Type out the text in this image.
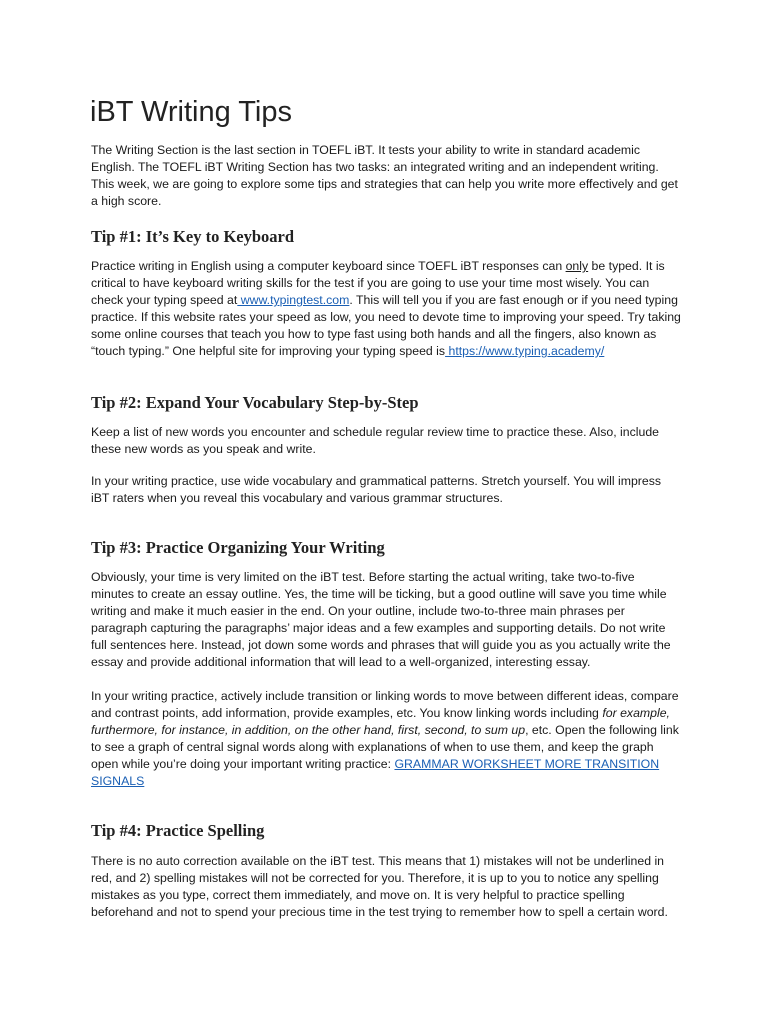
iBT Writing Tips

The Writing Section is the last section in TOEFL iBT. It tests your ability to write in standard academic English. The TOEFL iBT Writing Section has two tasks: an integrated writing and an independent writing. This week, we are going to explore some tips and strategies that can help you write more effectively and get a high score.

Tip #1: It’s Key to Keyboard

Practice writing in English using a computer keyboard since TOEFL iBT responses can only be typed. It is critical to have keyboard writing skills for the test if you are going to use your time most wisely. You can check your typing speed at www.typingtest.com. This will tell you if you are fast enough or if you need typing practice. If this website rates your speed as low, you need to devote time to improving your speed. Try taking some online courses that teach you how to type fast using both hands and all the fingers, also known as “touch typing.” One helpful site for improving your typing speed is https://www.typing.academy/

Tip #2: Expand Your Vocabulary Step-by-Step

Keep a list of new words you encounter and schedule regular review time to practice these. Also, include these new words as you speak and write.

In your writing practice, use wide vocabulary and grammatical patterns. Stretch yourself. You will impress iBT raters when you reveal this vocabulary and various grammar structures.

Tip #3: Practice Organizing Your Writing

Obviously, your time is very limited on the iBT test. Before starting the actual writing, take two-to-five minutes to create an essay outline. Yes, the time will be ticking, but a good outline will save you time while writing and make it much easier in the end. On your outline, include two-to-three main phrases per paragraph capturing the paragraphs’ major ideas and a few examples and supporting details. Do not write full sentences here. Instead, jot down some words and phrases that will guide you as you actually write the essay and provide additional information that will lead to a well-organized, interesting essay.

In your writing practice, actively include transition or linking words to move between different ideas, compare and contrast points, add information, provide examples, etc. You know linking words including for example, furthermore, for instance, in addition, on the other hand, first, second, to sum up, etc. Open the following link to see a graph of central signal words along with explanations of when to use them, and keep the graph open while you’re doing your important writing practice: GRAMMAR WORKSHEET MORE TRANSITION SIGNALS

Tip #4: Practice Spelling

There is no auto correction available on the iBT test. This means that 1) mistakes will not be underlined in red, and 2) spelling mistakes will not be corrected for you. Therefore, it is up to you to notice any spelling mistakes as you type, correct them immediately, and move on. It is very helpful to practice spelling beforehand and not to spend your precious time in the test trying to remember how to spell a certain word.
